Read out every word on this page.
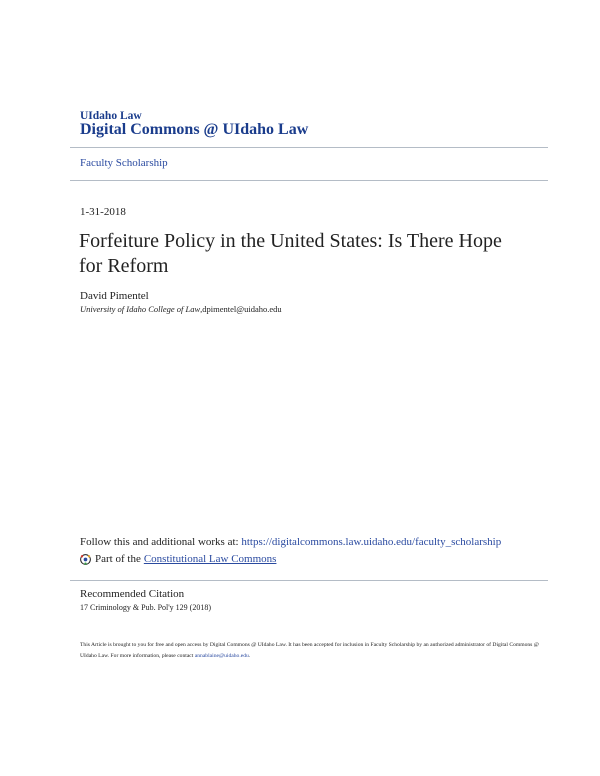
UIdaho Law
Digital Commons @ UIdaho Law
Faculty Scholarship
1-31-2018
Forfeiture Policy in the United States: Is There Hope for Reform
David Pimentel
University of Idaho College of Law,dpimentel@uidaho.edu
Follow this and additional works at: https://digitalcommons.law.uidaho.edu/faculty_scholarship
Part of the Constitutional Law Commons
Recommended Citation
17 Criminology & Pub. Pol'y 129 (2018)
This Article is brought to you for free and open access by Digital Commons @ UIdaho Law. It has been accepted for inclusion in Faculty Scholarship by an authorized administrator of Digital Commons @ UIdaho Law. For more information, please contact annablaine@uidaho.edu.
